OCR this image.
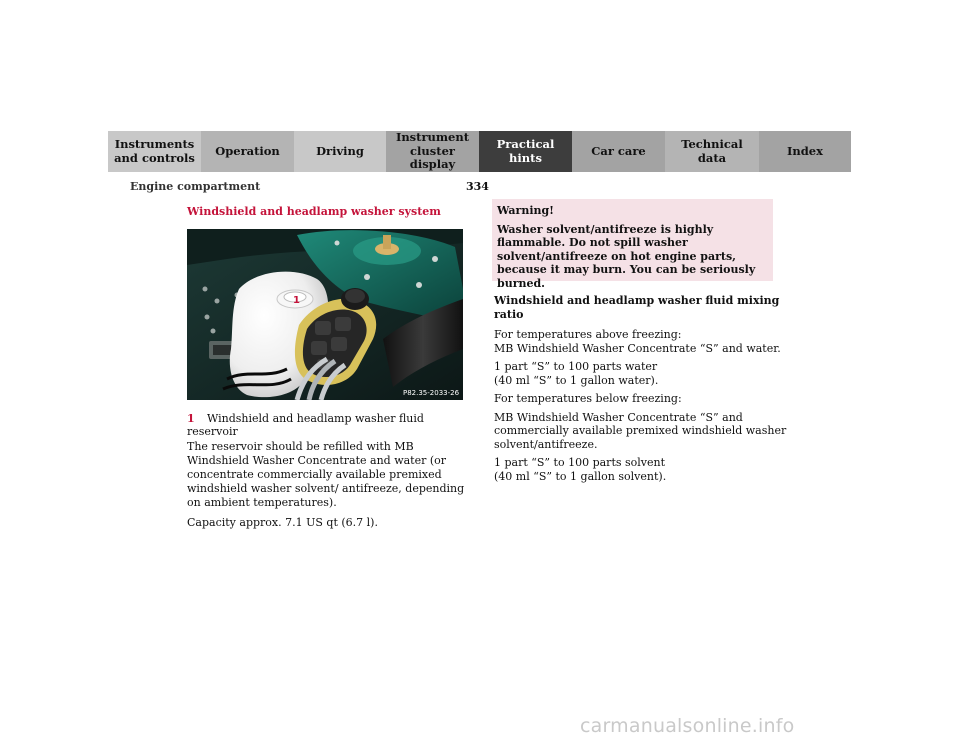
Instruments
and controls	Operation	Driving
Instrument
cluster display
Practical hints	Car care	Technical
data	Index
Engine compartment	334
Windshield and headlamp washer system
1
P82.35-2033-26
1 Windshield and headlamp washer fluid reservoir

The reservoir should be refilled with MB Windshield Washer Concentrate and water (or concentrate commercially available premixed windshield washer solvent/ antifreeze, depending on ambient temperatures).

Capacity approx. 7.1 US qt (6.7 l).

Warning!
Washer solvent/antifreeze is highly flammable. Do not spill washer solvent/antifreeze on hot engine parts, because it may burn. You can be seriously burned.
Windshield and headlamp washer fluid mixing ratio

For temperatures above freezing:
MB Windshield Washer Concentrate “S” and water.

1 part “S” to 100 parts water
(40 ml “S” to 1 gallon water).

For temperatures below freezing:

MB Windshield Washer Concentrate “S” and commercially available premixed windshield washer solvent/antifreeze.

1 part “S” to 100 parts solvent
(40 ml “S” to 1 gallon solvent).

carmanualsonline.info
